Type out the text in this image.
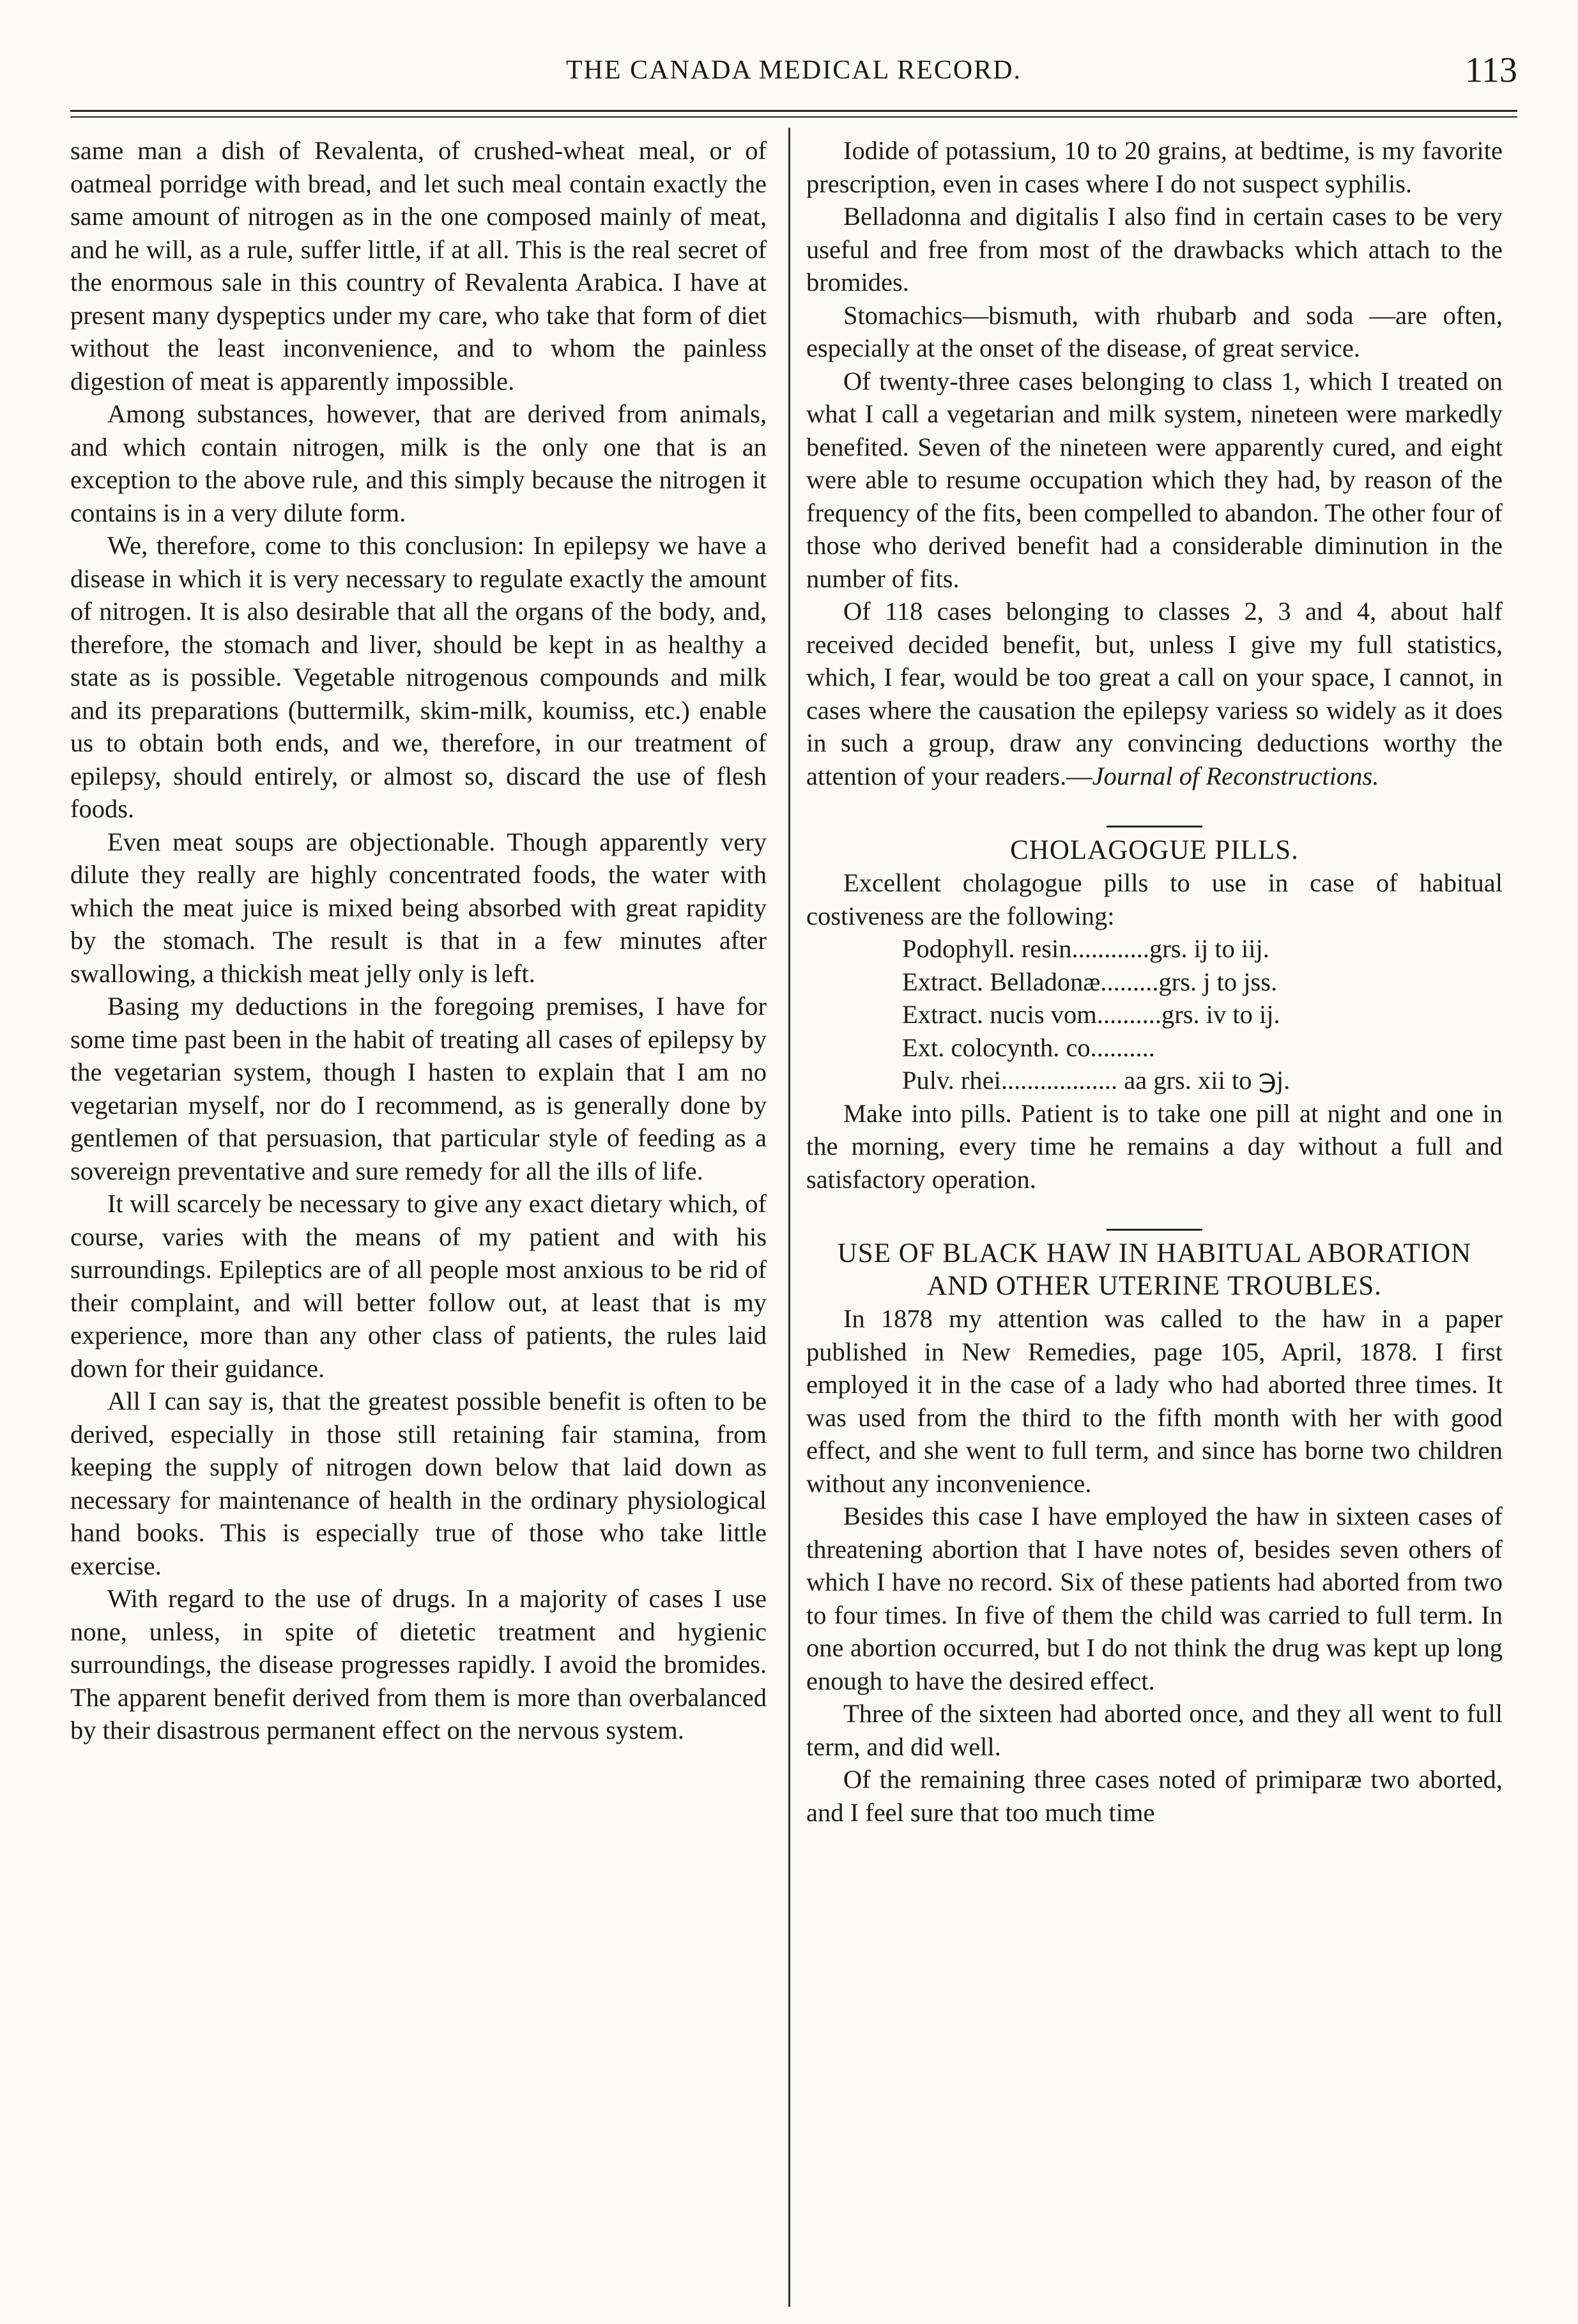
THE CANADA MEDICAL RECORD.	113

same man a dish of Revalenta, of crushed-wheat meal, or of oatmeal porridge with bread, and let such meal contain exactly the same amount of nitrogen as in the one composed mainly of meat, and he will, as a rule, suffer little, if at all. This is the real secret of the enormous sale in this country of Revalenta Arabica. I have at present many dyspeptics under my care, who take that form of diet without the least inconvenience, and to whom the painless digestion of meat is apparently impossible.

Among substances, however, that are derived from animals, and which contain nitrogen, milk is the only one that is an exception to the above rule, and this simply because the nitrogen it contains is in a very dilute form.

We, therefore, come to this conclusion: In epilepsy we have a disease in which it is very necessary to regulate exactly the amount of nitrogen. It is also desirable that all the organs of the body, and, therefore, the stomach and liver, should be kept in as healthy a state as is possible. Vegetable nitrogenous compounds and milk and its preparations (buttermilk, skim-milk, koumiss, etc.) enable us to obtain both ends, and we, therefore, in our treatment of epilepsy, should entirely, or almost so, discard the use of flesh foods.

Even meat soups are objectionable. Though apparently very dilute they really are highly concentrated foods, the water with which the meat juice is mixed being absorbed with great rapidity by the stomach. The result is that in a few minutes after swallowing, a thickish meat jelly only is left.

Basing my deductions in the foregoing premises, I have for some time past been in the habit of treating all cases of epilepsy by the vegetarian system, though I hasten to explain that I am no vegetarian myself, nor do I recommend, as is generally done by gentlemen of that persuasion, that particular style of feeding as a sovereign preventative and sure remedy for all the ills of life.

It will scarcely be necessary to give any exact dietary which, of course, varies with the means of my patient and with his surroundings. Epileptics are of all people most anxious to be rid of their complaint, and will better follow out, at least that is my experience, more than any other class of patients, the rules laid down for their guidance.

All I can say is, that the greatest possible benefit is often to be derived, especially in those still retaining fair stamina, from keeping the supply of nitrogen down below that laid down as necessary for maintenance of health in the ordinary physiological hand books. This is especially true of those who take little exercise.

With regard to the use of drugs. In a majority of cases I use none, unless, in spite of dietetic treatment and hygienic surroundings, the disease progresses rapidly. I avoid the bromides. The apparent benefit derived from them is more than overbalanced by their disastrous permanent effect on the nervous system.

Iodide of potassium, 10 to 20 grains, at bedtime, is my favorite prescription, even in cases where I do not suspect syphilis.

Belladonna and digitalis I also find in certain cases to be very useful and free from most of the drawbacks which attach to the bromides.

Stomachics—bismuth, with rhubarb and soda —are often, especially at the onset of the disease, of great service.

Of twenty-three cases belonging to class 1, which I treated on what I call a vegetarian and milk system, nineteen were markedly benefited. Seven of the nineteen were apparently cured, and eight were able to resume occupation which they had, by reason of the frequency of the fits, been compelled to abandon. The other four of those who derived benefit had a considerable diminution in the number of fits.

Of 118 cases belonging to classes 2, 3 and 4, about half received decided benefit, but, unless I give my full statistics, which, I fear, would be too great a call on your space, I cannot, in cases where the causation the epilepsy variess so widely as it does in such a group, draw any convincing deductions worthy the attention of your readers.—Journal of Reconstructions.

CHOLAGOGUE PILLS.

Excellent cholagogue pills to use in case of habitual costiveness are the following:

Podophyll. resin............grs. ij to iij.
Extract. Belladonæ.........grs. j to jss.
Extract. nucis vom..........grs. iv to ij.
Ext. colocynth. co..........
Pulv. rhei.................. aa grs. xii to ℈j.

Make into pills. Patient is to take one pill at night and one in the morning, every time he remains a day without a full and satisfactory operation.

USE OF BLACK HAW IN HABITUAL ABORATION AND OTHER UTERINE TROUBLES.

In 1878 my attention was called to the haw in a paper published in New Remedies, page 105, April, 1878. I first employed it in the case of a lady who had aborted three times. It was used from the third to the fifth month with her with good effect, and she went to full term, and since has borne two children without any inconvenience.

Besides this case I have employed the haw in sixteen cases of threatening abortion that I have notes of, besides seven others of which I have no record. Six of these patients had aborted from two to four times. In five of them the child was carried to full term. In one abortion occurred, but I do not think the drug was kept up long enough to have the desired effect.

Three of the sixteen had aborted once, and they all went to full term, and did well.

Of the remaining three cases noted of primiparæ two aborted, and I feel sure that too much time
